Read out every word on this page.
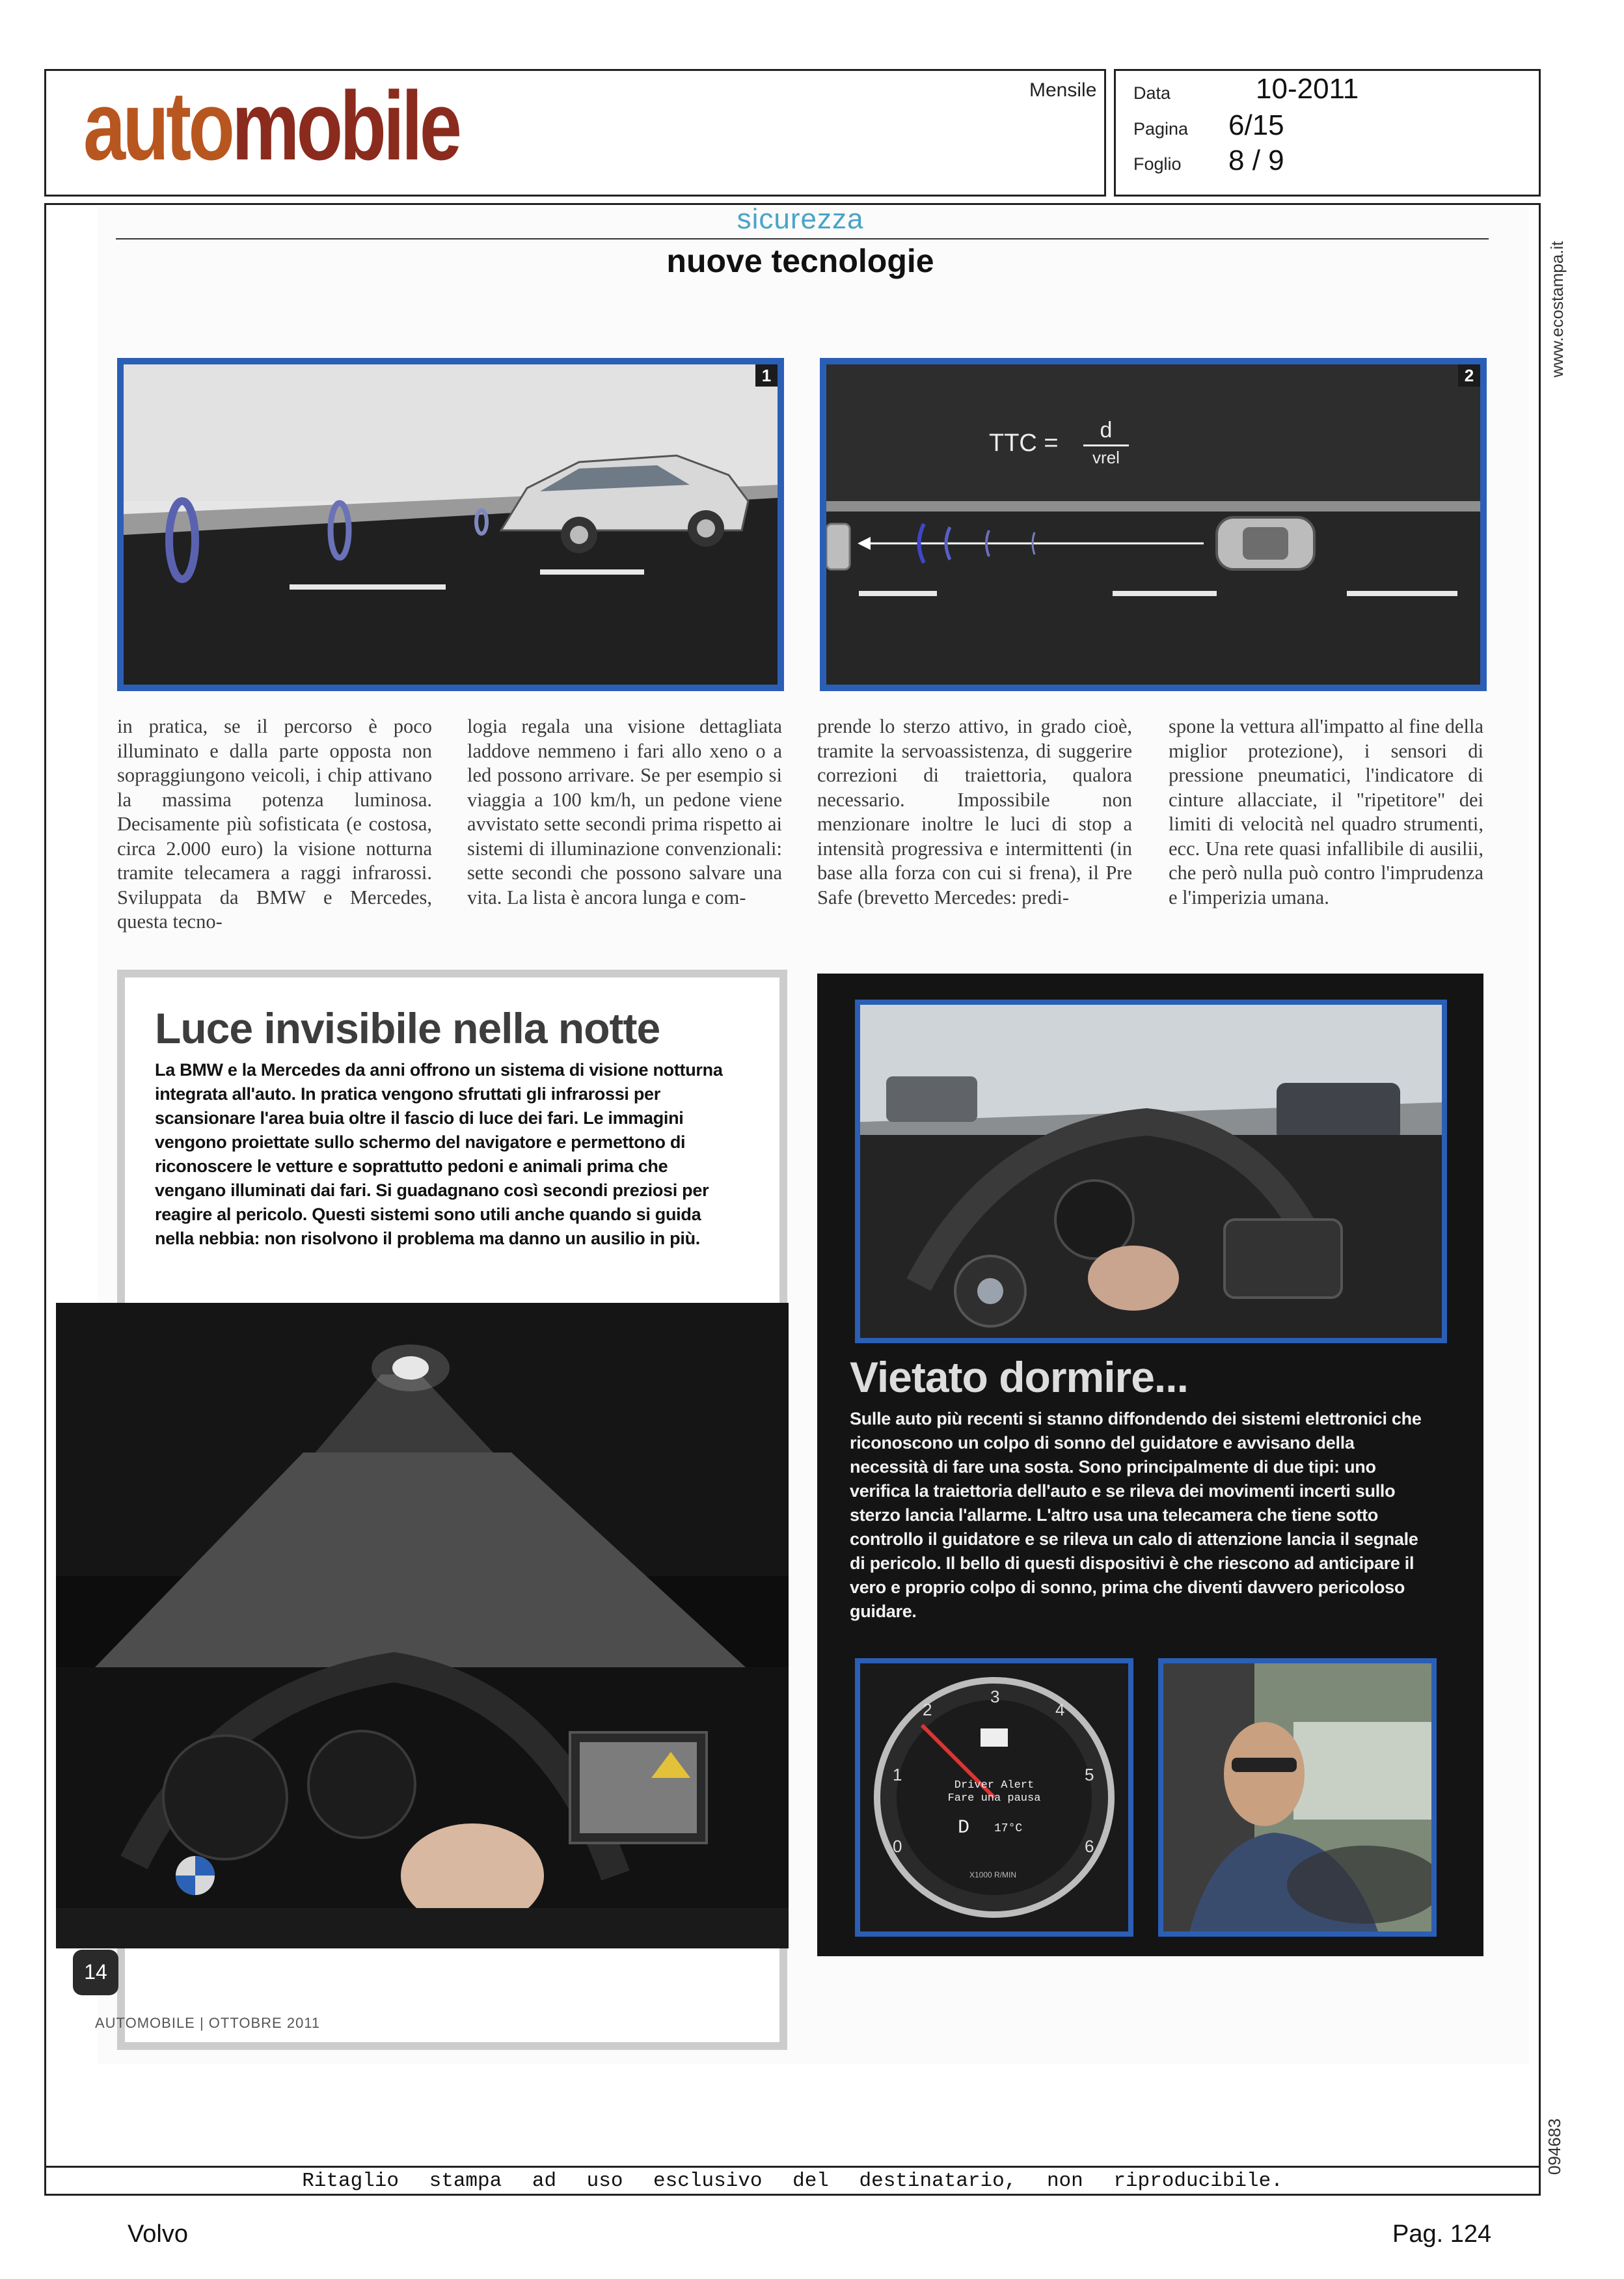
automobile	Mensile Data	10-2011
Pagina 6/15
Foglio 8 / 9
www.ecostampa.it
094683
sicurezza
nuove tecnologie
1
TTC =	d
vrel
2
in pratica, se il percorso è poco illuminato e dalla parte opposta non sopraggiungono veicoli, i chip attivano la massima potenza luminosa. Decisamente più sofisticata (e costosa, circa 2.000 euro) la visione notturna tramite telecamera a raggi infrarossi. Sviluppata da BMW e Mercedes, questa tecno-
logia regala una visione dettagliata laddove nemmeno i fari allo xeno o a led possono arrivare. Se per esempio si viaggia a 100 km/h, un pedone viene avvistato sette secondi prima rispetto ai sistemi di illuminazione convenzionali: sette secondi che possono salvare una vita. La lista è ancora lunga e com-
prende lo sterzo attivo, in grado cioè, tramite la servoassistenza, di suggerire correzioni di traiettoria, qualora necessario. Impossibile non menzionare inoltre le luci di stop a intensità progressiva e intermittenti (in base alla forza con cui si frena), il Pre Safe (brevetto Mercedes: predi-
spone la vettura all'impatto al fine della miglior protezione), i sensori di pressione pneumatici, l'indicatore di cinture allacciate, il "ripetitore" dei limiti di velocità nel quadro strumenti, ecc. Una rete quasi infallibile di ausilii, che però nulla può contro l'imprudenza e l'imperizia umana.
Luce invisibile nella notte
La BMW e la Mercedes da anni offrono un sistema di visione notturna integrata all'auto. In pratica vengono sfruttati gli infrarossi per scansionare l'area buia oltre il fascio di luce dei fari. Le immagini vengono proiettate sullo schermo del navigatore e permettono di riconoscere le vetture e soprattutto pedoni e animali prima che vengano illuminati dai fari. Si guadagnano così secondi preziosi per reagire al pericolo. Questi sistemi sono utili anche quando si guida nella nebbia: non risolvono il problema ma danno un ausilio in più.
Vietato dormire...
Sulle auto più recenti si stanno diffondendo dei sistemi elettronici che riconoscono un colpo di sonno del guidatore e avvisano della necessità di fare una sosta. Sono principalmente di due tipi: uno verifica la traiettoria dell'auto e se rileva dei movimenti incerti sullo sterzo lancia l'allarme. L'altro usa una telecamera che tiene sotto controllo il guidatore e se rileva un calo di attenzione lancia il segnale di pericolo. Il bello di questi dispositivi è che riescono ad anticipare il vero e proprio colpo di sonno, prima che diventi davvero pericoloso guidare.
2
3
4
5
6
1
0
Driver Alert
Fare una pausa
D 17°C
X1000 R/MIN
14
AUTOMOBILE | OTTOBRE 2011
Ritaglio stampa ad uso esclusivo del destinatario, non riproducibile.
Volvo	Pag. 124
